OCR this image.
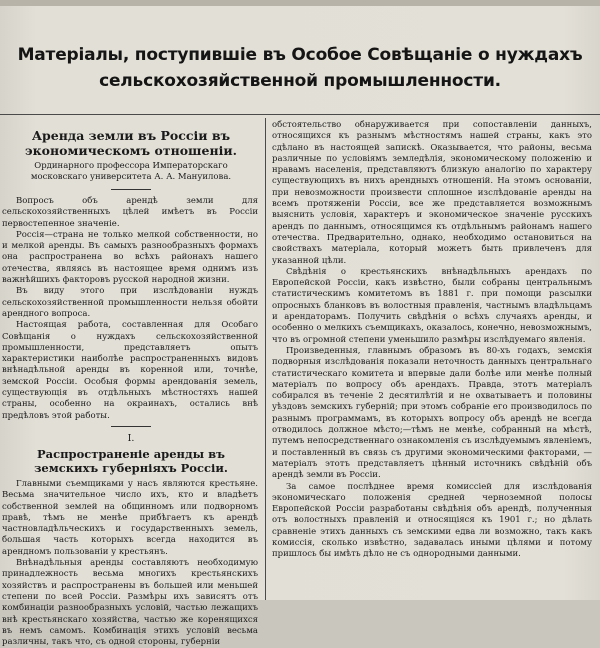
Матеріалы, поступившіе въ Особое Совѣщаніе о нуждахъ сельскохозяйственной промышленности.
Аренда земли въ Россіи въ экономическомъ отношеніи.
Ординарного профессора Императорскаго московскаго университета А. А. Мануилова.

Вопросъ объ арендѣ земли для сельскохозяйственныхъ цѣлей имѣетъ въ Россіи первостепенное значеніе.

Россія—страна не только мелкой собственности, но и мелкой аренды. Въ самыхъ разнообразныхъ формахъ она распространена во всѣхъ районахъ нашего отечества, являясь въ настоящее время однимъ изъ важнѣйшихъ факторовъ русской народной жизни.

Въ виду этого при изслѣдованіи нуждъ сельскохозяйственной промышленности нельзя обойти арендного вопроса.

Настоящая работа, составленная для Особаго Совѣщанія о нуждахъ сельскохозяйственной промышленности, представляетъ опытъ характеристики наиболѣе распространенныхъ видовъ внѣнадѣльной аренды въ коренной или, точнѣе, земской Россіи. Особыя формы арендованія земель, существующія въ отдѣльныхъ мѣстностяхъ нашей страны, особенно на окраинахъ, остались внѣ предѣловъ этой работы.

I.
Распространеніе аренды въ земскихъ губерніяхъ Россіи.

Главными съемщиками у насъ являются крестьяне. Весьма значительное число ихъ, кто и владѣетъ собственной землей на общинномъ или подворномъ правѣ, тѣмъ не менѣе прибѣгаетъ къ арендѣ частновладѣльческихъ и государственныхъ земель, большая часть которыхъ всегда находится въ арендномъ пользованіи у крестьянъ.

Внѣнадѣльныя аренды составляютъ необходимую принадлежность весьма многихъ крестьянскихъ хозяйствъ и распространены въ большей или меньшей степени по всей Россіи. Размѣры ихъ зависятъ отъ комбинаціи разнообразныхъ условій, частью лежащихъ внѣ крестьянскаго хозяйства, частью же коренящихся въ немъ самомъ. Комбинація этихъ условій весьма различны, такъ что, съ одной стороны, губерніи

обстоятельство обнаруживается при сопоставленіи данныхъ, относящихся къ разнымъ мѣстностямъ нашей страны, какъ это сдѣлано въ настоящей запискѣ. Оказывается, что районы, весьма различные по условіямъ земледѣлія, экономическому положенію и нравамъ населенія, представляютъ близкую аналогію по характеру существующихъ въ нихъ арендныхъ отношеній. На этомъ основаніи, при невозможности произвести сплошное изслѣдованіе аренды на всемъ протяженіи Россіи, все же представляется возможнымъ выяснить условія, характеръ и экономическое значеніе русскихъ арендъ по даннымъ, относящимся къ отдѣльнымъ районамъ нашего отечества. Предварительно, однако, необходимо остановиться на свойствахъ матеріала, который можетъ быть привлеченъ для указанной цѣли.

Свѣдѣнія о крестьянскихъ внѣнадѣльныхъ арендахъ по Европейской Россіи, какъ извѣстно, были собраны центральнымъ статистическимъ комитетомъ въ 1881 г. при помощи разсылки опросныхъ бланковъ въ волостныя правленія, частнымъ владѣльцамъ и арендаторамъ. Получить свѣдѣнія о всѣхъ случаяхъ аренды, и особенно о мелкихъ съемщикахъ, оказалось, конечно, невозможнымъ, что въ огромной степени уменьшило размѣры изслѣдуемаго явленія.

Произведенныя, главнымъ образомъ въ 80-хъ годахъ, земскія подворныя изслѣдованія показали неточность данныхъ центральнаго статистическаго комитета и впервые дали болѣе или менѣе полный матеріалъ по вопросу объ арендахъ. Правда, этотъ матеріалъ собирался въ теченіе 2 десятилѣтій и не охватываетъ и половины уѣздовъ земскихъ губерній; при этомъ собраніе его производилось по разнымъ программамъ, въ которыхъ вопросу объ арендѣ не всегда отводилось должное мѣсто;—тѣмъ не менѣе, собранный на мѣстѣ, путемъ непосредственнаго ознакомленія съ изслѣдуемымъ явленіемъ, и поставленный въ связь съ другими экономическими факторами, — матеріалъ этотъ представляетъ цѣнный источникъ свѣдѣній объ арендѣ земли въ Россіи.

За самое послѣднее время комиссіей для изслѣдованія экономическаго положенія средней черноземной полосы Европейской Россіи разработаны свѣдѣнія объ арендѣ, полученныя отъ волостныхъ правленій и относящіяся къ 1901 г.; но дѣлать сравненіе этихъ данныхъ съ земскими едва ли возможно, такъ какъ комиссія, сколько извѣстно, задавалась иными цѣлями и потому пришлось бы имѣть дѣло не съ однородными данными.
